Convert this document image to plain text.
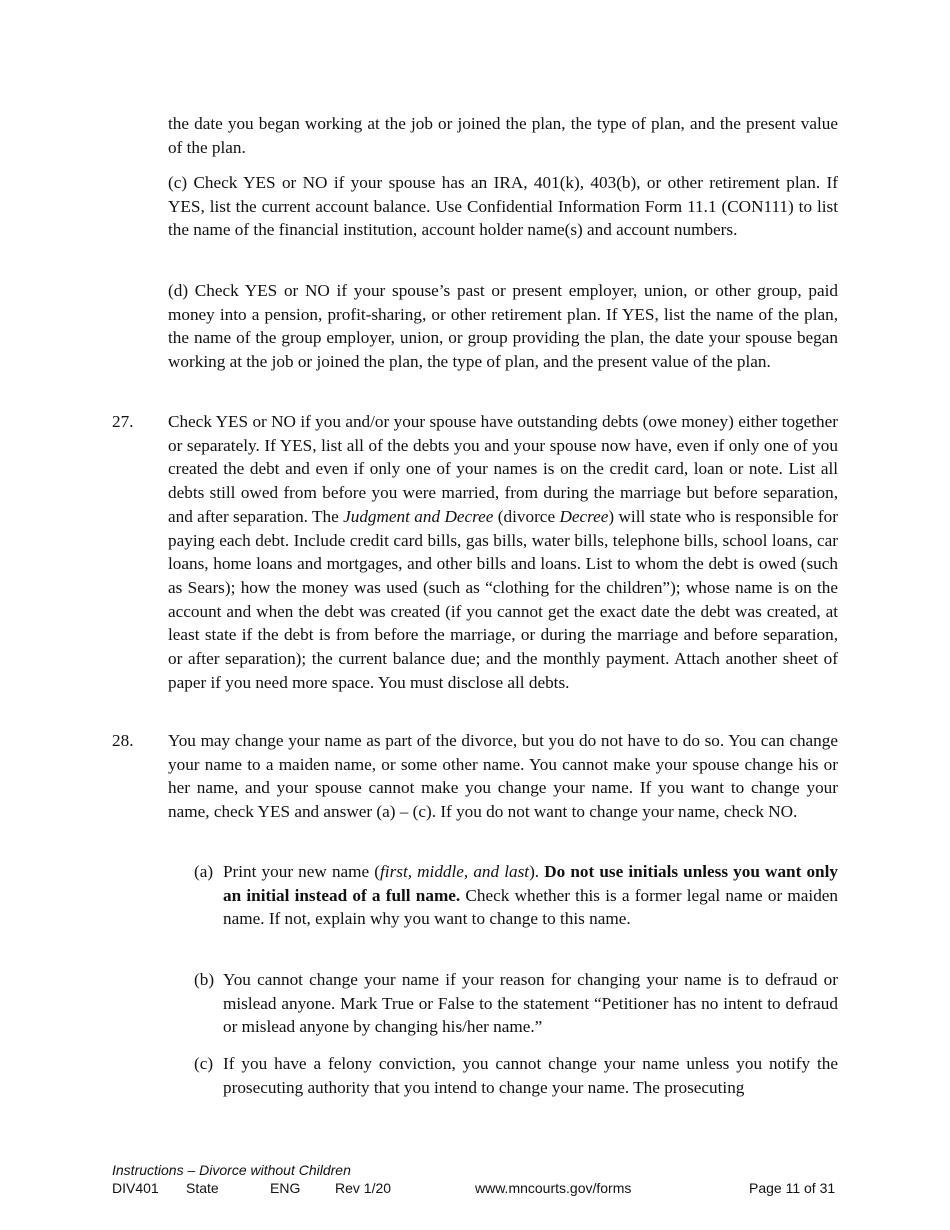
the date you began working at the job or joined the plan, the type of plan, and the present value of the plan.

(c) Check YES or NO if your spouse has an IRA, 401(k), 403(b), or other retirement plan. If YES, list the current account balance. Use Confidential Information Form 11.1 (CON111) to list the name of the financial institution, account holder name(s) and account numbers.

(d) Check YES or NO if your spouse’s past or present employer, union, or other group, paid money into a pension, profit-sharing, or other retirement plan. If YES, list the name of the plan, the name of the group employer, union, or group providing the plan, the date your spouse began working at the job or joined the plan, the type of plan, and the present value of the plan.

27. Check YES or NO if you and/or your spouse have outstanding debts (owe money) either together or separately. If YES, list all of the debts you and your spouse now have, even if only one of you created the debt and even if only one of your names is on the credit card, loan or note. List all debts still owed from before you were married, from during the marriage but before separation, and after separation. The Judgment and Decree (divorce Decree) will state who is responsible for paying each debt. Include credit card bills, gas bills, water bills, telephone bills, school loans, car loans, home loans and mortgages, and other bills and loans. List to whom the debt is owed (such as Sears); how the money was used (such as “clothing for the children”); whose name is on the account and when the debt was created (if you cannot get the exact date the debt was created, at least state if the debt is from before the marriage, or during the marriage and before separation, or after separation); the current balance due; and the monthly payment. Attach another sheet of paper if you need more space. You must disclose all debts.

28. You may change your name as part of the divorce, but you do not have to do so. You can change your name to a maiden name, or some other name. You cannot make your spouse change his or her name, and your spouse cannot make you change your name. If you want to change your name, check YES and answer (a) – (c). If you do not want to change your name, check NO.

(a) Print your new name (first, middle, and last). Do not use initials unless you want only an initial instead of a full name. Check whether this is a former legal name or maiden name. If not, explain why you want to change to this name.

(b) You cannot change your name if your reason for changing your name is to defraud or mislead anyone. Mark True or False to the statement “Petitioner has no intent to defraud or mislead anyone by changing his/her name.”

(c) If you have a felony conviction, you cannot change your name unless you notify the prosecuting authority that you intend to change your name. The prosecuting

Instructions – Divorce without Children
DIV401 State	ENG Rev 1/20	www.mncourts.gov/forms	Page 11 of 31
